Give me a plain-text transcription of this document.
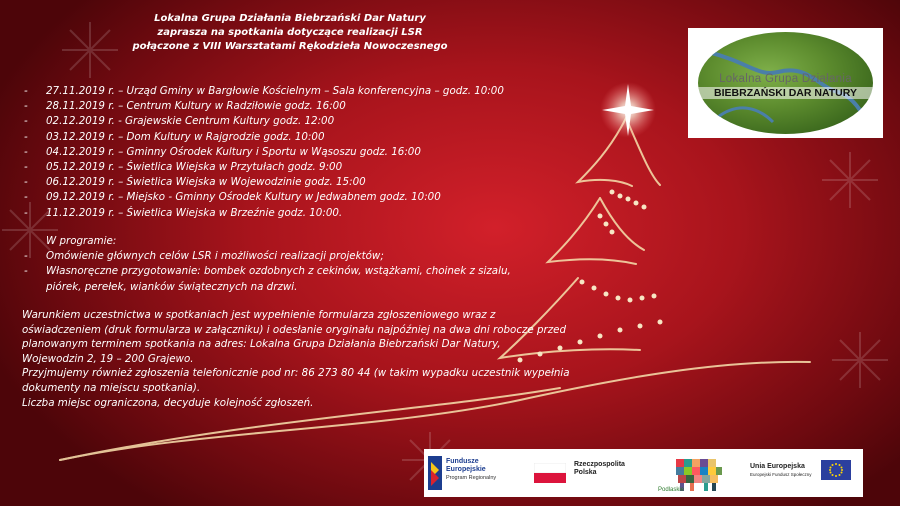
Lokalna Grupa Działania Biebrzański Dar Natury
zaprasza na spotkania dotyczące realizacji LSR
połączone z VIII Warsztatami Rękodzieła Nowoczesnego
- 27.11.2019 r. – Urząd Gminy w Bargłowie Kościelnym – Sala konferencyjna – godz. 10:00
- 28.11.2019 r. – Centrum Kultury w Radziłowie godz. 16:00
- 02.12.2019 r. - Grajewskie Centrum Kultury godz. 12:00
- 03.12.2019 r. – Dom Kultury w Rajgrodzie godz. 10:00
- 04.12.2019 r. – Gminny Ośrodek Kultury i Sportu w Wąsoszu godz. 16:00
- 05.12.2019 r. – Świetlica Wiejska w Przytułach godz. 9:00
- 06.12.2019 r. – Świetlica Wiejska w Wojewodzinie godz. 15:00
- 09.12.2019 r. – Miejsko - Gminny Ośrodek Kultury w Jedwabnem godz. 10:00
- 11.12.2019 r. – Świetlica Wiejska w Brzeźnie godz. 10:00.
W programie:
- Omówienie głównych celów LSR i możliwości realizacji projektów;
- Własnoręczne przygotowanie: bombek ozdobnych z cekinów, wstążkami, choinek z sizalu, piórek, perełek, wianków świątecznych na drzwi.
Warunkiem uczestnictwa w spotkaniach jest wypełnienie formularza zgłoszeniowego wraz z
oświadczeniem (druk formularza w załączniku) i odesłanie oryginału najpóźniej na dwa dni robocze przed
planowanym terminem spotkania na adres: Lokalna Grupa Działania Biebrzański Dar Natury,
Wojewodzin 2, 19 – 200 Grajewo.
Przyjmujemy również zgłoszenia telefonicznie pod nr: 86 273 80 44 (w takim wypadku uczestnik wypełnia
dokumenty na miejscu spotkania).
Liczba miejsc ograniczona, decyduje kolejność zgłoszeń.
Lokalna Grupa Działania
BIEBRZAŃSKI DAR NATURY
Fundusze
Europejskie
Program Regionalny
Rzeczpospolita
Polska
Podlaskie
Unia Europejska
Europejski Fundusz Społeczny
